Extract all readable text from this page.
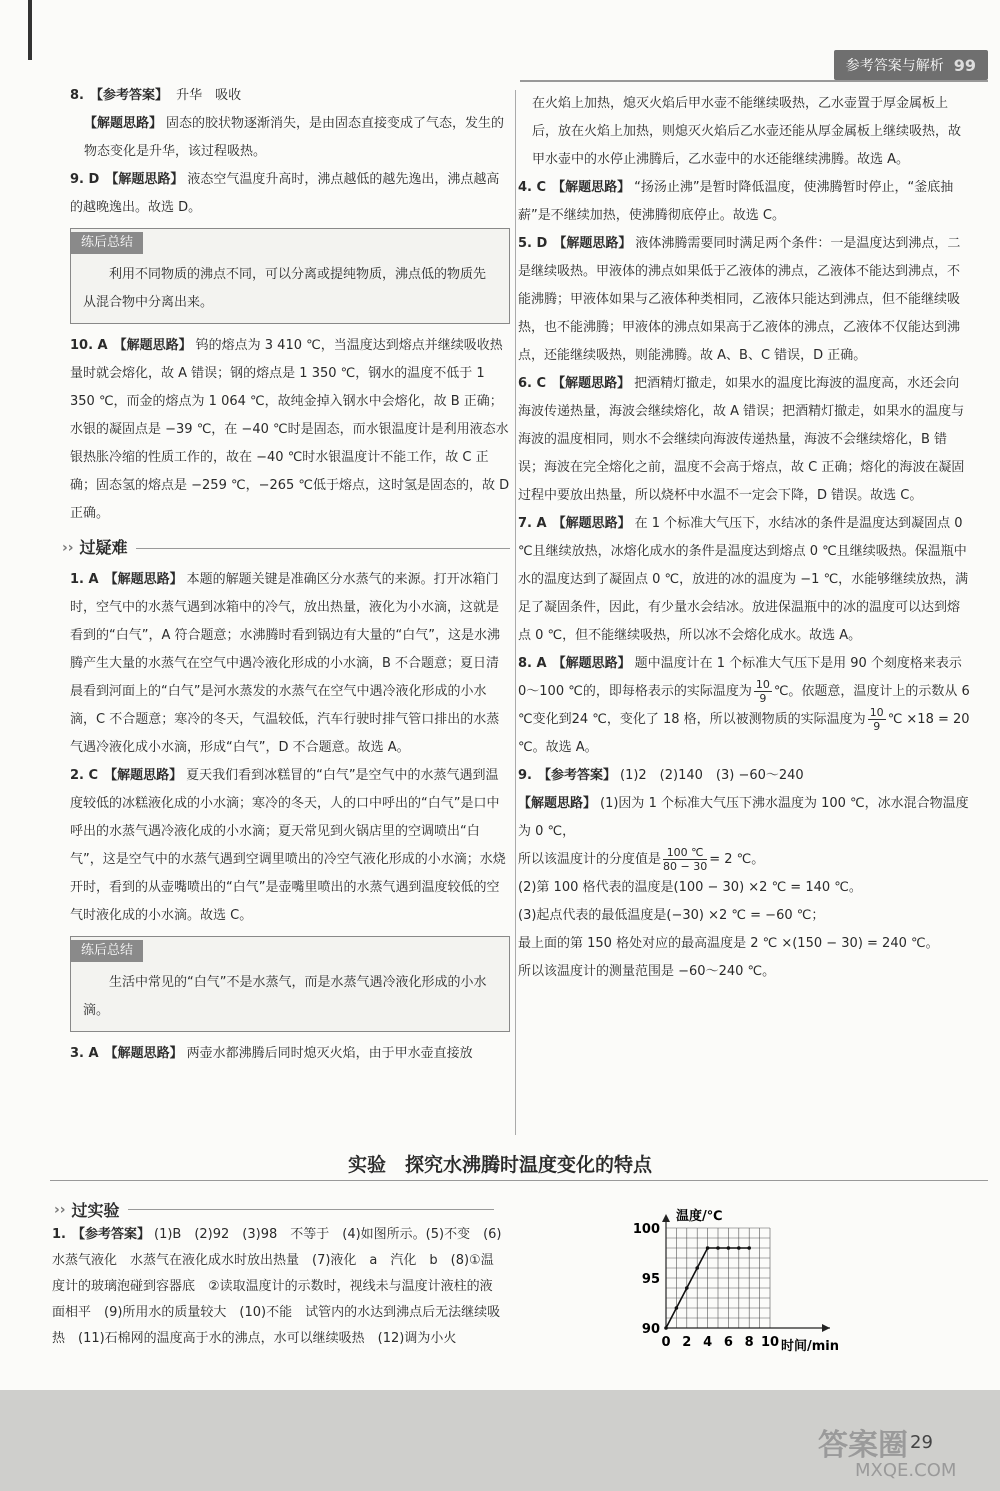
参考答案与解析 99

8. 【参考答案】 升华　吸收

【解题思路】 固态的胶状物逐渐消失，是由固态直接变成了气态，发生的物态变化是升华，该过程吸热。

9. D 【解题思路】 液态空气温度升高时，沸点越低的越先逸出，沸点越高的越晚逸出。故选 D。

练后总结
利用不同物质的沸点不同，可以分离或提纯物质，沸点低的物质先从混合物中分离出来。

10. A 【解题思路】 钨的熔点为 3 410 ℃，当温度达到熔点并继续吸收热量时就会熔化，故 A 错误；钢的熔点是 1 350 ℃，钢水的温度不低于 1 350 ℃，而金的熔点为 1 064 ℃，故纯金掉入钢水中会熔化，故 B 正确；水银的凝固点是 −39 ℃，在 −40 ℃时是固态，而水银温度计是利用液态水银热胀冷缩的性质工作的，故在 −40 ℃时水银温度计不能工作，故 C 正确；固态氢的熔点是 −259 ℃，−265 ℃低于熔点，这时氢是固态的，故 D 正确。

›› 过疑难

1. A 【解题思路】 本题的解题关键是准确区分水蒸气的来源。打开冰箱门时，空气中的水蒸气遇到冰箱中的冷气，放出热量，液化为小水滴，这就是看到的“白气”，A 符合题意；水沸腾时看到锅边有大量的“白气”，这是水沸腾产生大量的水蒸气在空气中遇冷液化形成的小水滴，B 不合题意；夏日清晨看到河面上的“白气”是河水蒸发的水蒸气在空气中遇冷液化形成的小水滴，C 不合题意；寒冷的冬天，气温较低，汽车行驶时排气管口排出的水蒸气遇冷液化成小水滴，形成“白气”，D 不合题意。故选 A。

2. C 【解题思路】 夏天我们看到冰糕冒的“白气”是空气中的水蒸气遇到温度较低的冰糕液化成的小水滴；寒冷的冬天，人的口中呼出的“白气”是口中呼出的水蒸气遇冷液化成的小水滴；夏天常见到火锅店里的空调喷出“白气”，这是空气中的水蒸气遇到空调里喷出的冷空气液化形成的小水滴；水烧开时，看到的从壶嘴喷出的“白气”是壶嘴里喷出的水蒸气遇到温度较低的空气时液化成的小水滴。故选 C。

练后总结
生活中常见的“白气”不是水蒸气，而是水蒸气遇冷液化形成的小水滴。

3. A 【解题思路】 两壶水都沸腾后同时熄灭火焰，由于甲水壶直接放

在火焰上加热，熄灭火焰后甲水壶不能继续吸热，乙水壶置于厚金属板上后，放在火焰上加热，则熄灭火焰后乙水壶还能从厚金属板上继续吸热，故甲水壶中的水停止沸腾后，乙水壶中的水还能继续沸腾。故选 A。

4. C 【解题思路】 “扬汤止沸”是暂时降低温度，使沸腾暂时停止，“釜底抽薪”是不继续加热，使沸腾彻底停止。故选 C。

5. D 【解题思路】 液体沸腾需要同时满足两个条件：一是温度达到沸点，二是继续吸热。甲液体的沸点如果低于乙液体的沸点，乙液体不能达到沸点，不能沸腾；甲液体如果与乙液体种类相同，乙液体只能达到沸点，但不能继续吸热，也不能沸腾；甲液体的沸点如果高于乙液体的沸点，乙液体不仅能达到沸点，还能继续吸热，则能沸腾。故 A、B、C 错误，D 正确。

6. C 【解题思路】 把酒精灯撤走，如果水的温度比海波的温度高，水还会向海波传递热量，海波会继续熔化，故 A 错误；把酒精灯撤走，如果水的温度与海波的温度相同，则水不会继续向海波传递热量，海波不会继续熔化，B 错误；海波在完全熔化之前，温度不会高于熔点，故 C 正确；熔化的海波在凝固过程中要放出热量，所以烧杯中水温不一定会下降，D 错误。故选 C。

7. A 【解题思路】 在 1 个标准大气压下，水结冰的条件是温度达到凝固点 0 ℃且继续放热，冰熔化成水的条件是温度达到熔点 0 ℃且继续吸热。保温瓶中水的温度达到了凝固点 0 ℃，放进的冰的温度为 −1 ℃，水能够继续放热，满足了凝固条件，因此，有少量水会结冰。放进保温瓶中的冰的温度可以达到熔点 0 ℃，但不能继续吸热，所以冰不会熔化成水。故选 A。

8. A 【解题思路】 题中温度计在 1 个标准大气压下是用 90 个刻度格来表示 0～100 ℃的，即每格表示的实际温度为 $\frac{10}{9}$ ℃。依题意，温度计上的示数从 6 ℃变化到24 ℃，变化了 18 格，所以被测物质的实际温度为 $\frac{10}{9}$ ℃ ×18 = 20 ℃。故选 A。

9. 【参考答案】 (1)2　(2)140　(3) −60～240

【解题思路】 (1)因为 1 个标准大气压下沸水温度为 100 ℃，冰水混合物温度为 0 ℃，

所以该温度计的分度值是 $\frac{100 ℃}{80 - 30} = 2$ ℃。

(2)第 100 格代表的温度是(100 − 30) ×2 ℃ = 140 ℃。

(3)起点代表的最低温度是(−30) ×2 ℃ = −60 ℃；

最上面的第 150 格处对应的最高温度是 2 ℃ ×(150 − 30) = 240 ℃。

所以该温度计的测量范围是 −60～240 ℃。

实验　探究水沸腾时温度变化的特点
›› 过实验
1. 【参考答案】 (1)B　(2)92　(3)98　不等于　(4)如图所示。(5)不变　(6)水蒸气液化　水蒸气在液化成水时放出热量　(7)液化　a　汽化　b　(8)①温度计的玻璃泡碰到容器底　②读取温度计的示数时，视线未与温度计液柱的液面相平　(9)所用水的质量较大　(10)不能　试管内的水达到沸点后无法继续吸热　(11)石棉网的温度高于水的沸点，水可以继续吸热　(12)调为小火	0 2 4 6 8 10
90
95
100
时间/min
温度/℃
答案圈
MXQE.COM
29
